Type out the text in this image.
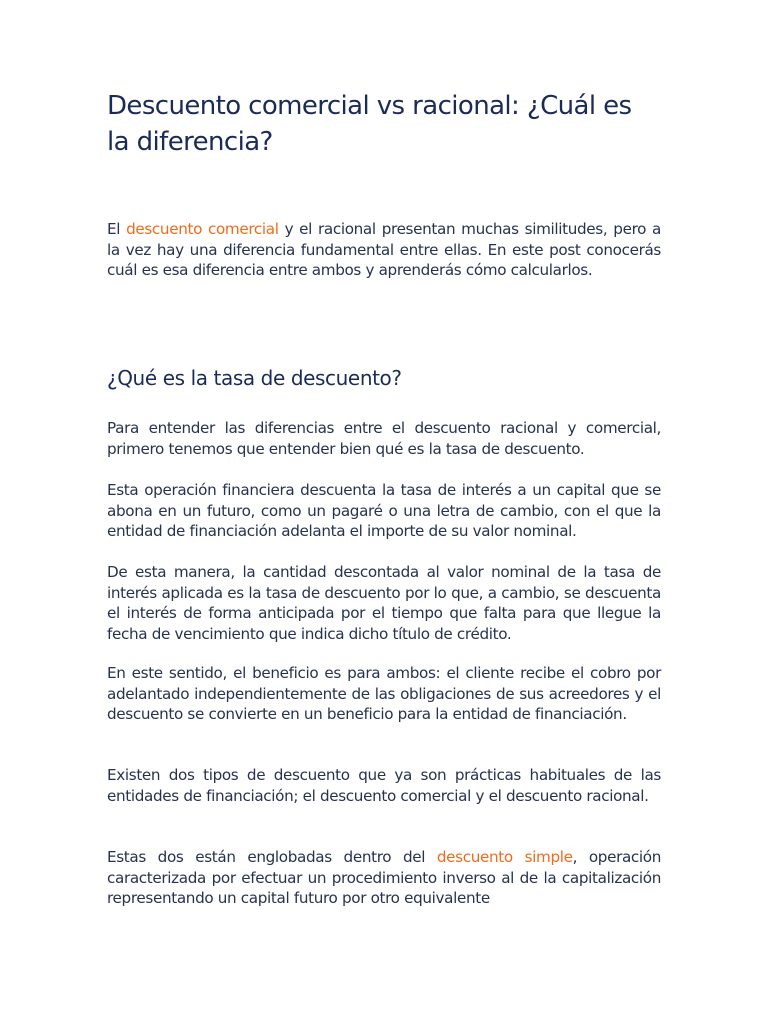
Descuento comercial vs racional: ¿Cuál es la diferencia?

El descuento comercial y el racional presentan muchas similitudes, pero a la vez hay una diferencia fundamental entre ellas. En este post conocerás cuál es esa diferencia entre ambos y aprenderás cómo calcularlos.

¿Qué es la tasa de descuento?

Para entender las diferencias entre el descuento racional y comercial, primero tenemos que entender bien qué es la tasa de descuento.

Esta operación financiera descuenta la tasa de interés a un capital que se abona en un futuro, como un pagaré o una letra de cambio, con el que la entidad de financiación adelanta el importe de su valor nominal.

De esta manera, la cantidad descontada al valor nominal de la tasa de interés aplicada es la tasa de descuento por lo que, a cambio, se descuenta el interés de forma anticipada por el tiempo que falta para que llegue la fecha de vencimiento que indica dicho título de crédito.

En este sentido, el beneficio es para ambos: el cliente recibe el cobro por adelantado independientemente de las obligaciones de sus acreedores y el descuento se convierte en un beneficio para la entidad de financiación.

Existen dos tipos de descuento que ya son prácticas habituales de las entidades de financiación; el descuento comercial y el descuento racional.

Estas dos están englobadas dentro del descuento simple, operación caracterizada por efectuar un procedimiento inverso al de la capitalización representando un capital futuro por otro equivalente
